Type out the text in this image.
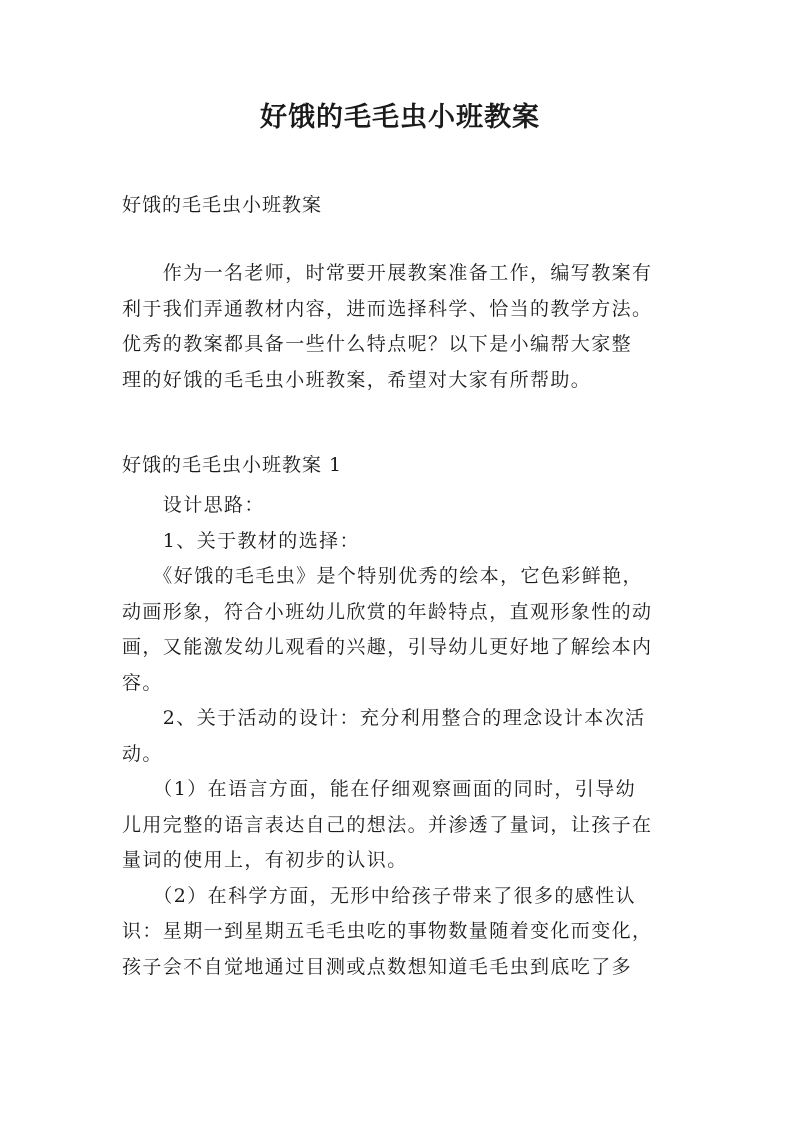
好饿的毛毛虫小班教案
好饿的毛毛虫小班教案
　　作为一名老师，时常要开展教案准备工作，编写教案有
利于我们弄通教材内容，进而选择科学、恰当的教学方法。
优秀的教案都具备一些什么特点呢？以下是小编帮大家整
理的好饿的毛毛虫小班教案，希望对大家有所帮助。
好饿的毛毛虫小班教案 1
　　设计思路：
　　1、关于教材的选择：
　　《好饿的毛毛虫》是个特别优秀的绘本，它色彩鲜艳，
动画形象，符合小班幼儿欣赏的年龄特点，直观形象性的动
画，又能激发幼儿观看的兴趣，引导幼儿更好地了解绘本内
容。
　　2、关于活动的设计：充分利用整合的理念设计本次活
动。
　　（1）在语言方面，能在仔细观察画面的同时，引导幼
儿用完整的语言表达自己的想法。并渗透了量词，让孩子在
量词的使用上，有初步的认识。
　　（2）在科学方面，无形中给孩子带来了很多的感性认
识：星期一到星期五毛毛虫吃的事物数量随着变化而变化，
孩子会不自觉地通过目测或点数想知道毛毛虫到底吃了多
